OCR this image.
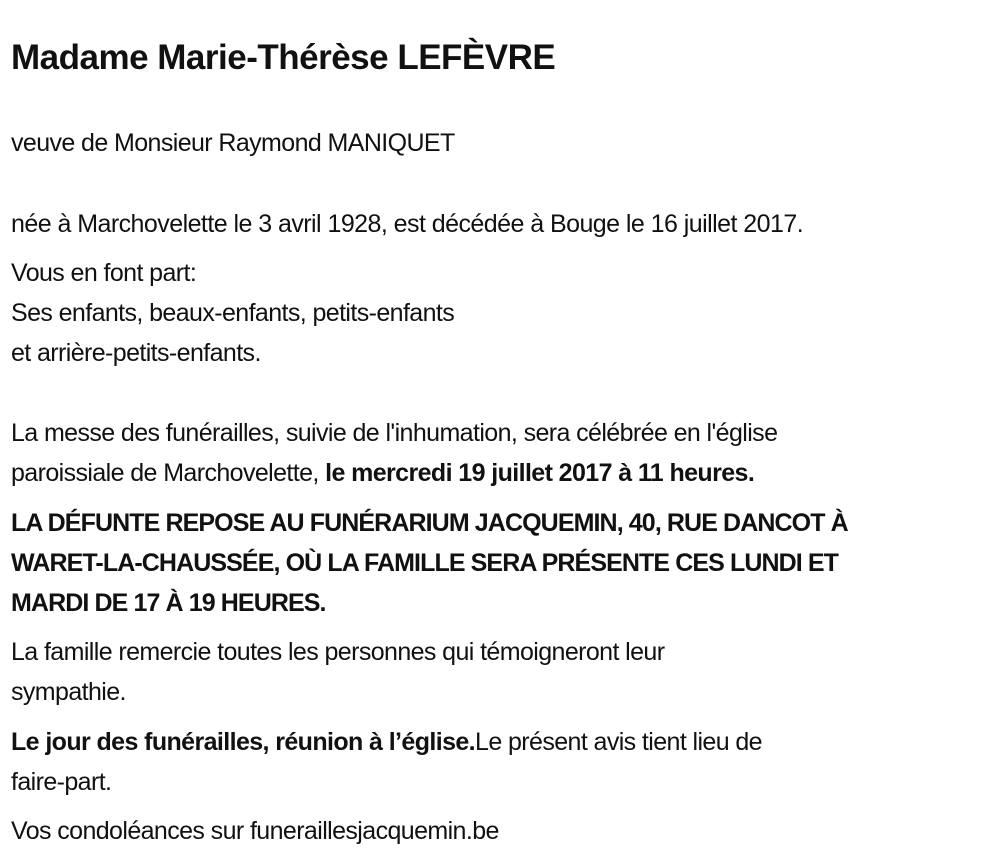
Madame Marie-Thérèse LEFÈVRE
veuve de Monsieur Raymond MANIQUET
née à Marchovelette le 3 avril 1928, est décédée à Bouge le 16 juillet 2017.
Vous en font part:
Ses enfants, beaux-enfants, petits-enfants
et arrière-petits-enfants.
La messe des funérailles, suivie de l'inhumation, sera célébrée en l'église
paroissiale de Marchovelette, le mercredi 19 juillet 2017 à 11 heures.
LA DÉFUNTE REPOSE AU FUNÉRARIUM JACQUEMIN, 40, RUE DANCOT À
WARET-LA-CHAUSSÉE, OÙ LA FAMILLE SERA PRÉSENTE CES LUNDI ET
MARDI DE 17 À 19 HEURES.
La famille remercie toutes les personnes qui témoigneront leur
sympathie.
Le jour des funérailles, réunion à l’église.Le présent avis tient lieu de
faire-part.
Vos condoléances sur funeraillesjacquemin.be
